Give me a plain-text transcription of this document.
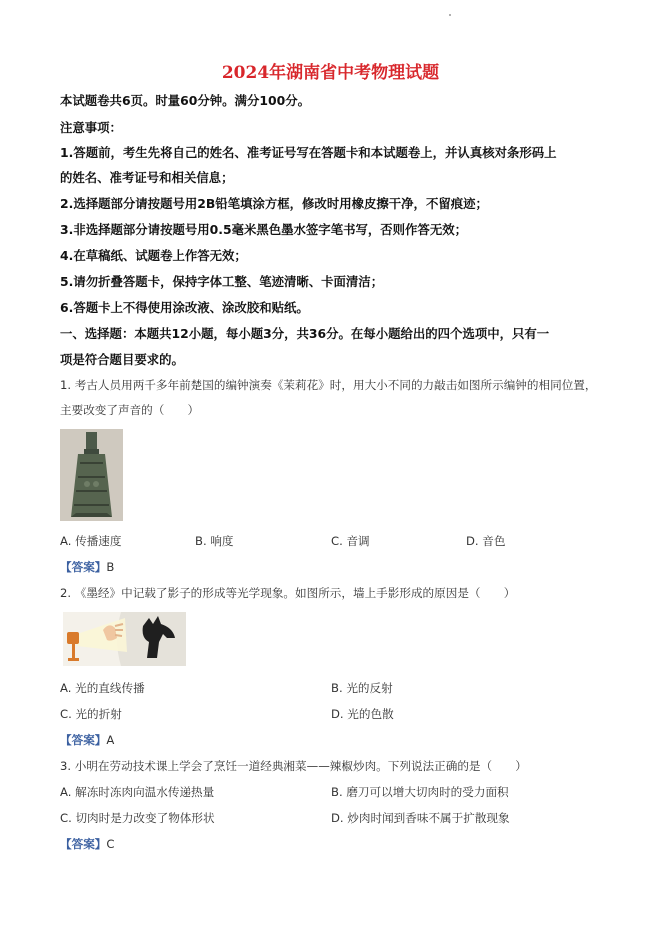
2024年湖南省中考物理试题
本试题卷共6页。时量60分钟。满分100分。
注意事项：
1.答题前，考生先将自己的姓名、准考证号写在答题卡和本试题卷上，并认真核对条形码上
的姓名、准考证号和相关信息；
2.选择题部分请按题号用2B铅笔填涂方框，修改时用橡皮擦干净，不留痕迹；
3.非选择题部分请按题号用0.5毫米黑色墨水签字笔书写，否则作答无效；
4.在草稿纸、试题卷上作答无效；
5.请勿折叠答题卡，保持字体工整、笔迹清晰、卡面清洁；
6.答题卡上不得使用涂改液、涂改胶和贴纸。
一、选择题：本题共12小题，每小题3分，共36分。在每小题给出的四个选项中，只有一
项是符合题目要求的。
1. 考古人员用两千多年前楚国的编钟演奏《茉莉花》时，用大小不同的力敲击如图所示编钟的相同位置，
主要改变了声音的（　　）
A. 传播速度	B. 响度	C. 音调	D. 音色
【答案】B
2. 《墨经》中记载了影子的形成等光学现象。如图所示，墙上手影形成的原因是（　　）
A. 光的直线传播	B. 光的反射
C. 光的折射	D. 光的色散
【答案】A
3. 小明在劳动技术课上学会了烹饪一道经典湘菜——辣椒炒肉。下列说法正确的是（　　）
A. 解冻时冻肉向温水传递热量	B. 磨刀可以增大切肉时的受力面积
C. 切肉时是力改变了物体形状	D. 炒肉时闻到香味不属于扩散现象
【答案】C
